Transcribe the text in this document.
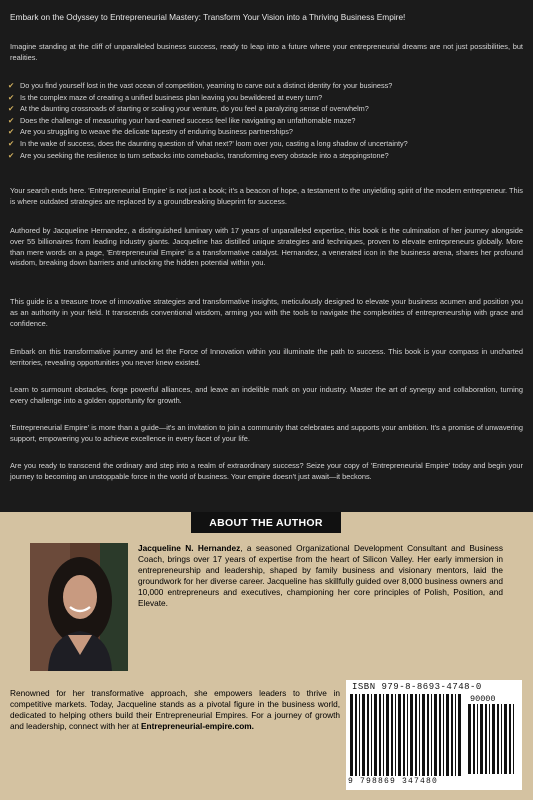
Embark on the Odyssey to Entrepreneurial Mastery: Transform Your Vision into a Thriving Business Empire!
Imagine standing at the cliff of unparalleled business success, ready to leap into a future where your entrepreneurial dreams are not just possibilities, but realities.
✔ Do you find yourself lost in the vast ocean of competition, yearning to carve out a distinct identity for your business?
✔ Is the complex maze of creating a unified business plan leaving you bewildered at every turn?
✔ At the daunting crossroads of starting or scaling your venture, do you feel a paralyzing sense of overwhelm?
✔ Does the challenge of measuring your hard-earned success feel like navigating an unfathomable maze?
✔ Are you struggling to weave the delicate tapestry of enduring business partnerships?
✔ In the wake of success, does the daunting question of 'what next?' loom over you, casting a long shadow of uncertainty?
✔ Are you seeking the resilience to turn setbacks into comebacks, transforming every obstacle into a steppingstone?
Your search ends here. 'Entrepreneurial Empire' is not just a book; it's a beacon of hope, a testament to the unyielding spirit of the modern entrepreneur. This is where outdated strategies are replaced by a groundbreaking blueprint for success.
Authored by Jacqueline Hernandez, a distinguished luminary with 17 years of unparalleled expertise, this book is the culmination of her journey alongside over 55 billionaires from leading industry giants. Jacqueline has distilled unique strategies and techniques, proven to elevate entrepreneurs globally. More than mere words on a page, 'Entrepreneurial Empire' is a transformative catalyst. Hernandez, a venerated icon in the business arena, shares her profound wisdom, breaking down barriers and unlocking the hidden potential within you.
This guide is a treasure trove of innovative strategies and transformative insights, meticulously designed to elevate your business acumen and position you as an authority in your field. It transcends conventional wisdom, arming you with the tools to navigate the complexities of entrepreneurship with grace and confidence.
Embark on this transformative journey and let the Force of Innovation within you illuminate the path to success. This book is your compass in uncharted territories, revealing opportunities you never knew existed.
Learn to surmount obstacles, forge powerful alliances, and leave an indelible mark on your industry. Master the art of synergy and collaboration, turning every challenge into a golden opportunity for growth.
'Entrepreneurial Empire' is more than a guide—it's an invitation to join a community that celebrates and supports your ambition. It's a promise of unwavering support, empowering you to achieve excellence in every facet of your life.
Are you ready to transcend the ordinary and step into a realm of extraordinary success? Seize your copy of 'Entrepreneurial Empire' today and begin your journey to becoming an unstoppable force in the world of business. Your empire doesn't just await—it beckons.
ABOUT THE AUTHOR
Jacqueline N. Hernandez, a seasoned Organizational Development Consultant and Business Coach, brings over 17 years of expertise from the heart of Silicon Valley. Her early immersion in entrepreneurship and leadership, shaped by family business and visionary mentors, laid the groundwork for her diverse career. Jacqueline has skillfully guided over 8,000 business owners and 10,000 entrepreneurs and executives, championing her core principles of Polish, Position, and Elevate.
Renowned for her transformative approach, she empowers leaders to thrive in competitive markets. Today, Jacqueline stands as a pivotal figure in the business world, dedicated to helping others build their Entrepreneurial Empires. For a journey of growth and leadership, connect with her at Entrepreneurial-empire.com.
ISBN 979-8-8693-4748-0
9 798869 347480
90000
